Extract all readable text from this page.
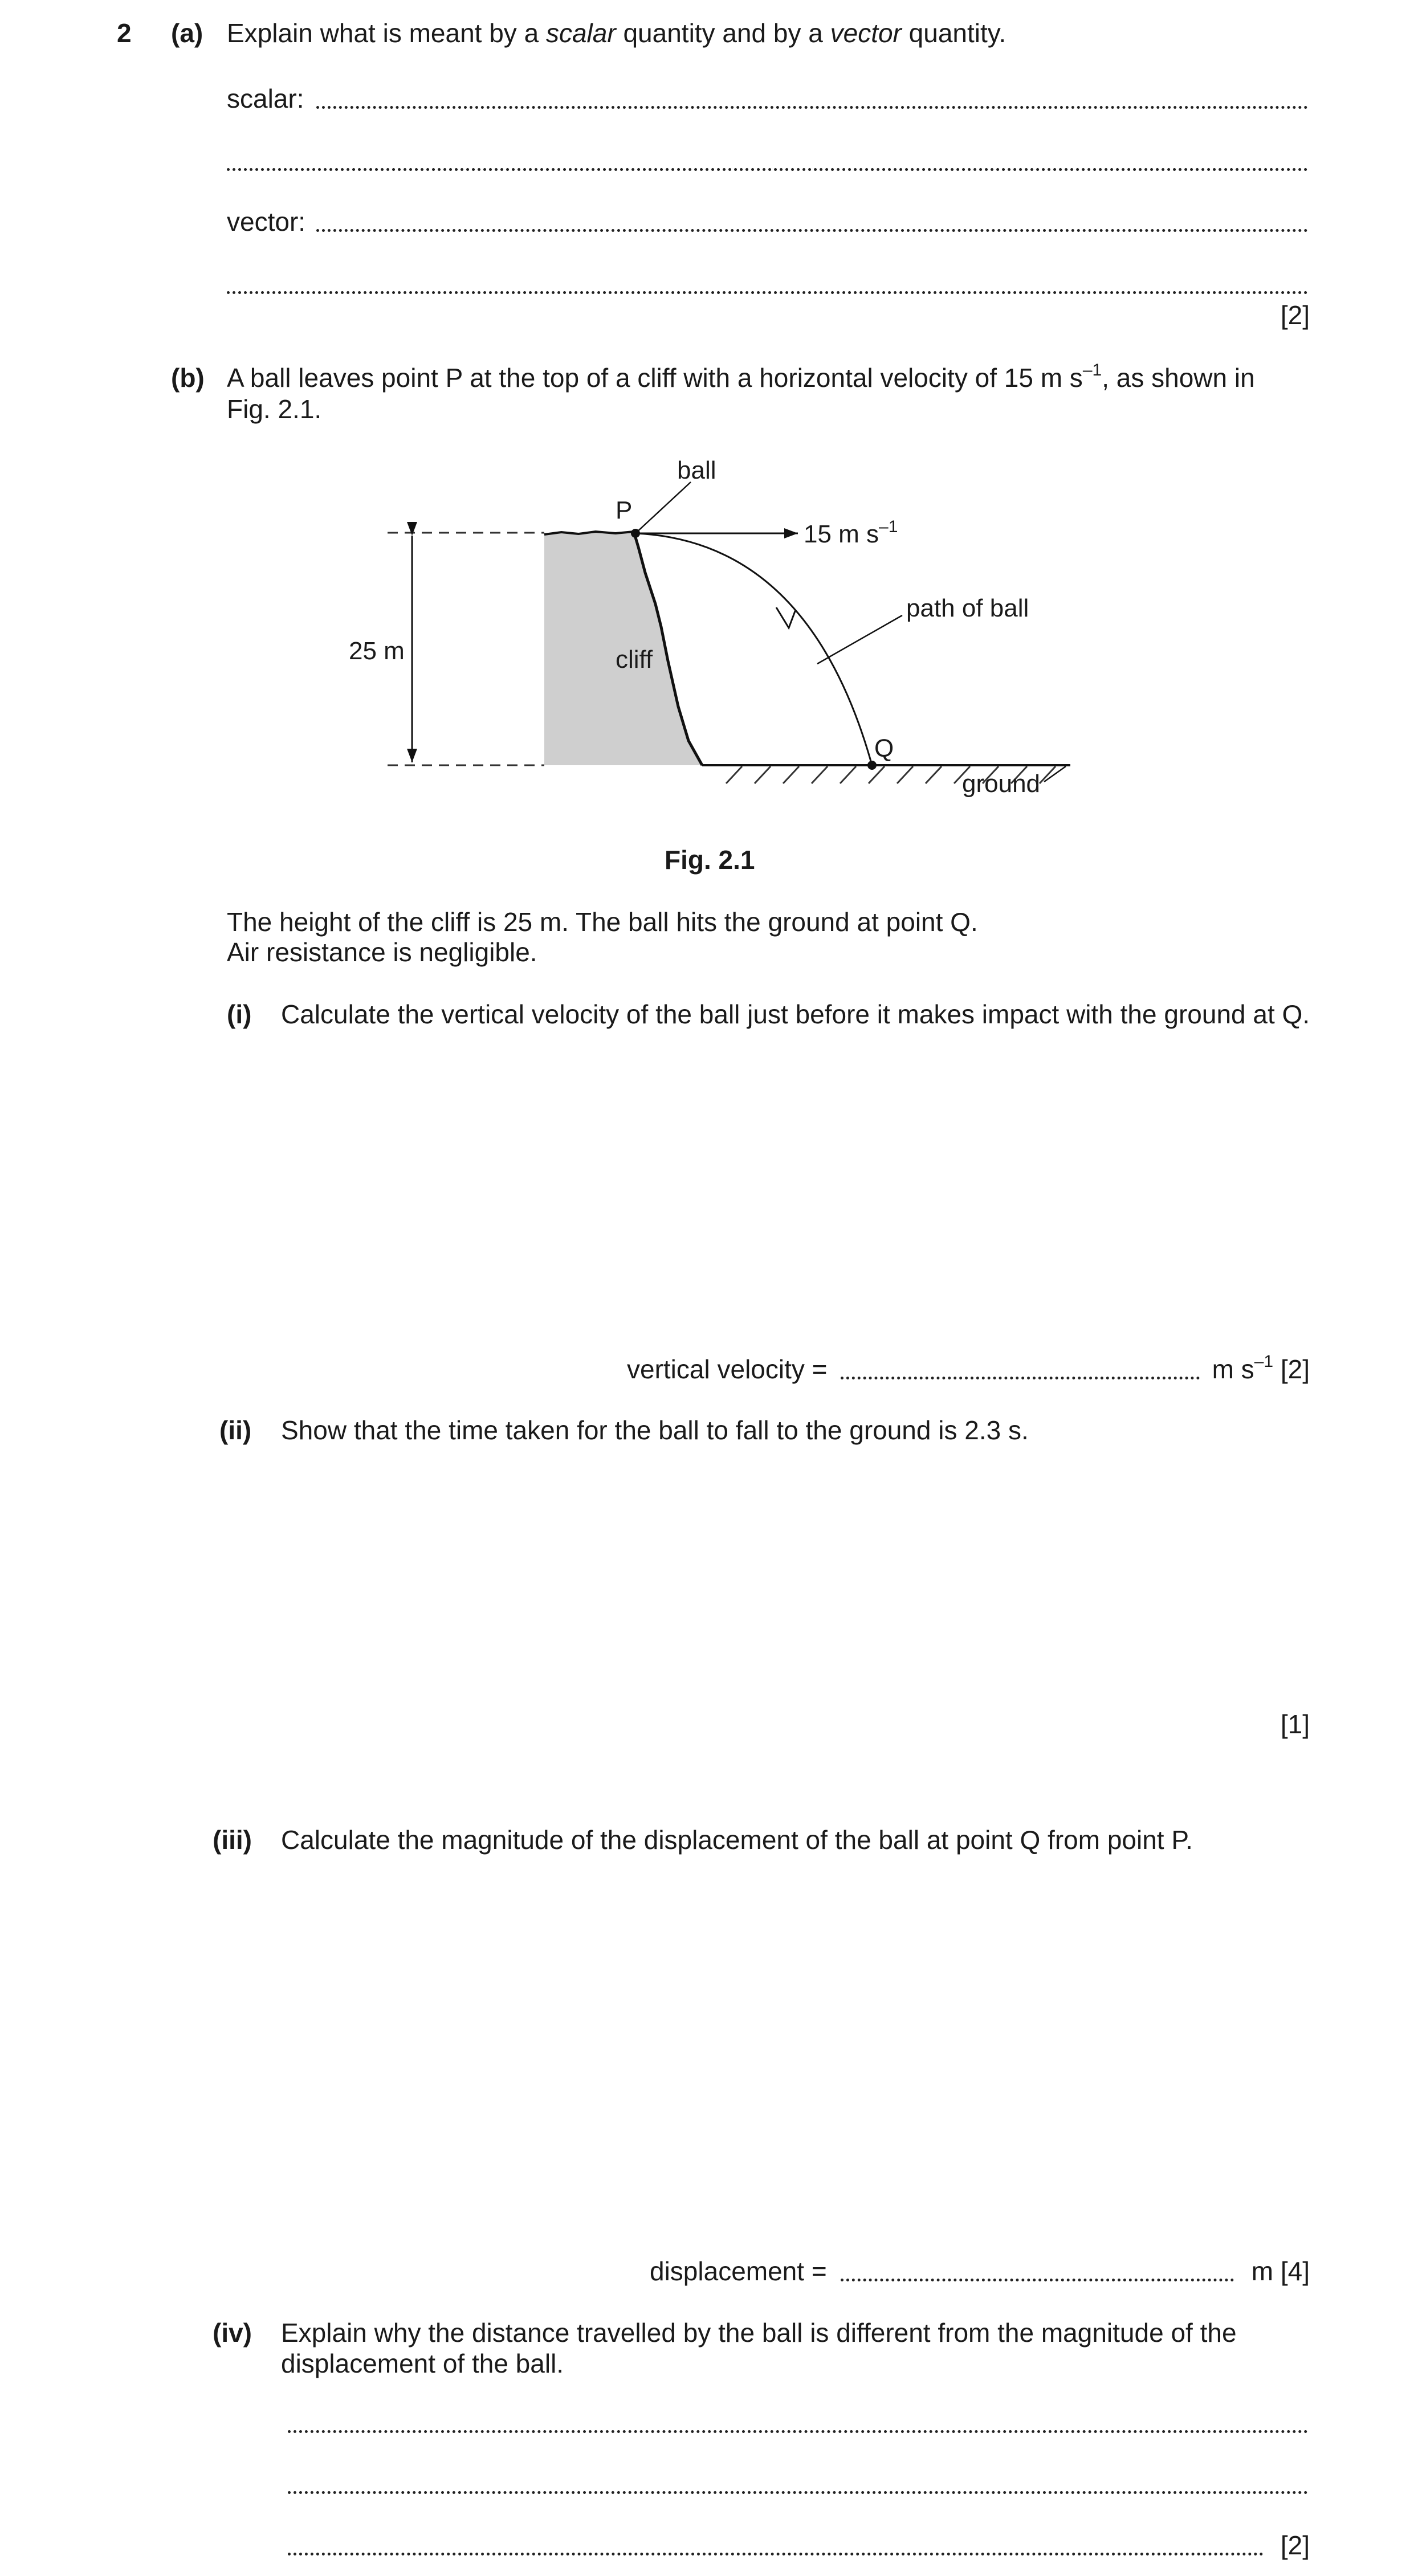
2 (a) Explain what is meant by a scalar quantity and by a vector quantity.
scalar:
vector:
[2]
(b) A ball leaves point P at the top of a cliff with a horizontal velocity of 15 m $s^{-1}$, as shown in
Fig. 2.1.
ball
P
15 m $s^{-1}$
path of ball
25 m	cliff
Q
ground
Fig. 2.1
The height of the cliff is 25 m. The ball hits the ground at point Q.
Air resistance is negligible.
(i) Calculate the vertical velocity of the ball just before it makes impact with the ground at Q.
vertical velocity =	m $s^{-1}$ [2]
(ii) Show that the time taken for the ball to fall to the ground is 2.3 s.
[1]
(iii) Calculate the magnitude of the displacement of the ball at point Q from point P.
displacement =	m [4]
(iv) Explain why the distance travelled by the ball is different from the magnitude of the
displacement of the ball.
[2]
